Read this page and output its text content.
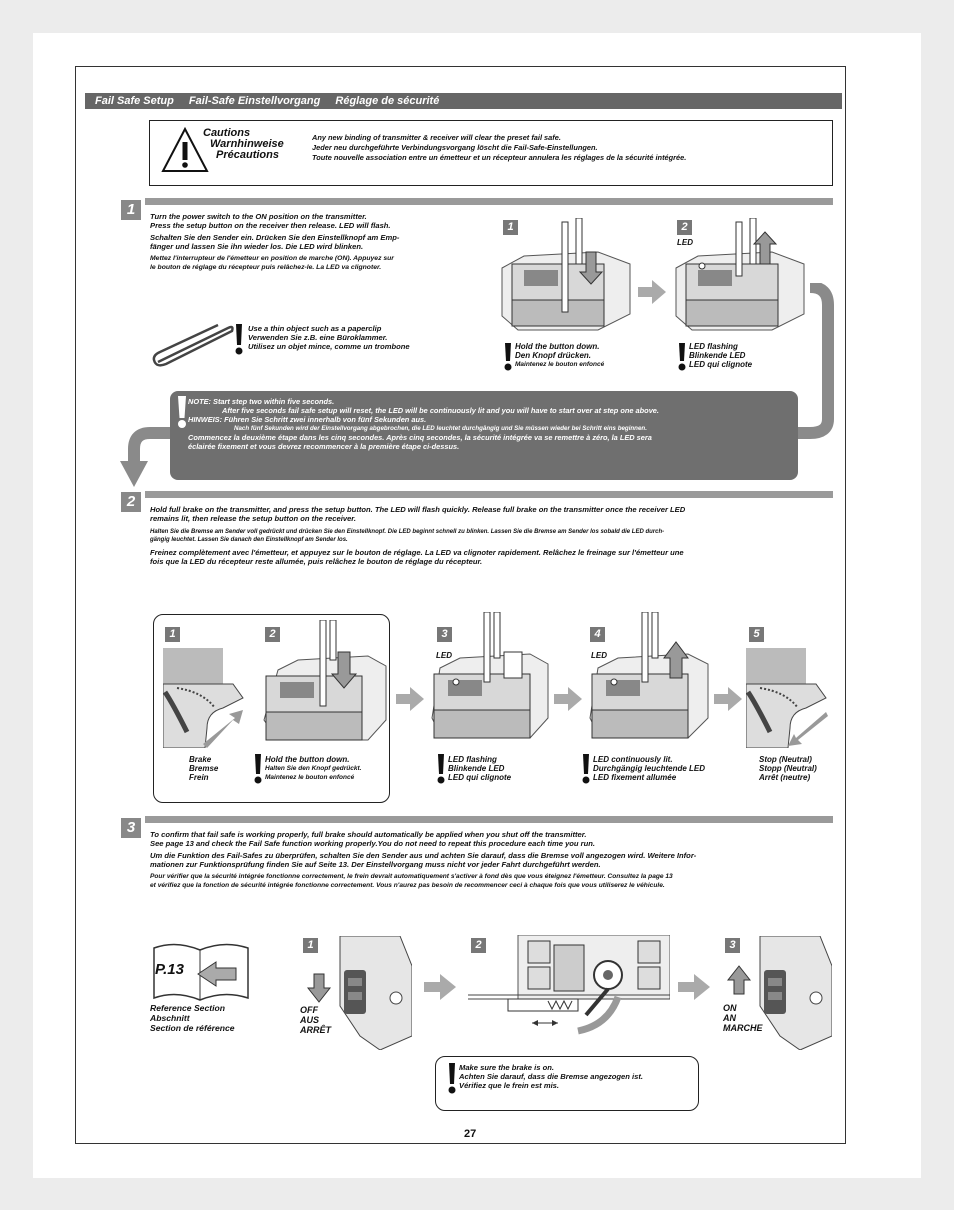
Fail Safe Setup Fail-Safe Einstellvorgang Réglage de sécurité
Cautions
Warnhinweise
Précautions
Any new binding of transmitter & receiver will clear the preset fail safe.
Jeder neu durchgeführte Verbindungsvorgang löscht die Fail-Safe-Einstellungen.
Toute nouvelle association entre un émetteur et un récepteur annulera les réglages de la sécurité intégrée.
1	Turn the power switch to the ON position on the transmitter.
Press the setup button on the receiver then release. LED will flash.
Schalten Sie den Sender ein. Drücken Sie den Einstellknopf am Emp-
fänger und lassen Sie ihn wieder los. Die LED wird blinken.
Mettez l'interrupteur de l'émetteur en position de marche (ON). Appuyez sur
le bouton de réglage du récepteur puis relâchez-le. La LED va clignoter.
Use a thin object such as a paperclip
Verwenden Sie z.B. eine Büroklammer.
Utilisez un objet mince, comme un trombone
1
Hold the button down.
Den Knopf drücken.
Maintenez le bouton enfoncé
2
LED
LED flashing
Blinkende LED
LED qui clignote
NOTE: Start step two within five seconds.
After five seconds fail safe setup will reset, the LED will be continuously lit and you will have to start over at step one above.
HINWEIS: Führen Sie Schritt zwei innerhalb von fünf Sekunden aus.
Nach fünf Sekunden wird der Einstellvorgang abgebrochen, die LED leuchtet durchgängig und Sie müssen wieder bei Schritt eins beginnen.
Commencez la deuxième étape dans les cinq secondes. Après cinq secondes, la sécurité intégrée va se remettre à zéro, la LED sera
éclairée fixement et vous devrez recommencer à la première étape ci-dessus.
2	Hold full brake on the transmitter, and press the setup button. The LED will flash quickly. Release full brake on the transmitter once the receiver LED
remains lit, then release the setup button on the receiver.
Halten Sie die Bremse am Sender voll gedrückt und drücken Sie den Einstellknopf. Die LED beginnt schnell zu blinken. Lassen Sie die Bremse am Sender los sobald die LED durch-
gängig leuchtet. Lassen Sie danach den Einstellknopf am Sender los.
Freinez complètement avec l'émetteur, et appuyez sur le bouton de réglage. La LED va clignoter rapidement. Relâchez le freinage sur l'émetteur une
fois que la LED du récepteur reste allumée, puis relâchez le bouton de réglage du récepteur.
1
Brake
Bremse
Frein
2
Hold the button down.
Halten Sie den Knopf gedrückt.
Maintenez le bouton enfoncé
3
LED
LED flashing
Blinkende LED
LED qui clignote
4
LED
LED continuously lit.
Durchgängig leuchtende LED
LED fixement allumée
5
Stop (Neutral)
Stopp (Neutral)
Arrêt (neutre)
3	To confirm that fail safe is working properly, full brake should automatically be applied when you shut off the transmitter.
See page 13 and check the Fail Safe function working properly.You do not need to repeat this procedure each time you run.
Um die Funktion des Fail-Safes zu überprüfen, schalten Sie den Sender aus und achten Sie darauf, dass die Bremse voll angezogen wird. Weitere Infor-
mationen zur Funktionsprüfung finden Sie auf Seite 13. Der Einstellvorgang muss nicht vor jeder Fahrt durchgeführt werden.
Pour vérifier que la sécurité intégrée fonctionne correctement, le frein devrait automatiquement s'activer à fond dès que vous éteignez l'émetteur. Consultez la page 13
et vérifiez que la fonction de sécurité intégrée fonctionne correctement. Vous n'aurez pas besoin de recommencer ceci à chaque fois que vous utiliserez le véhicule.
P.13
Reference Section
Abschnitt
Section de référence
1
OFF
AUS
ARRÊT
2	3
ON
AN
MARCHE
Make sure the brake is on.
Achten Sie darauf, dass die Bremse angezogen ist.
Vérifiez que le frein est mis.
27
